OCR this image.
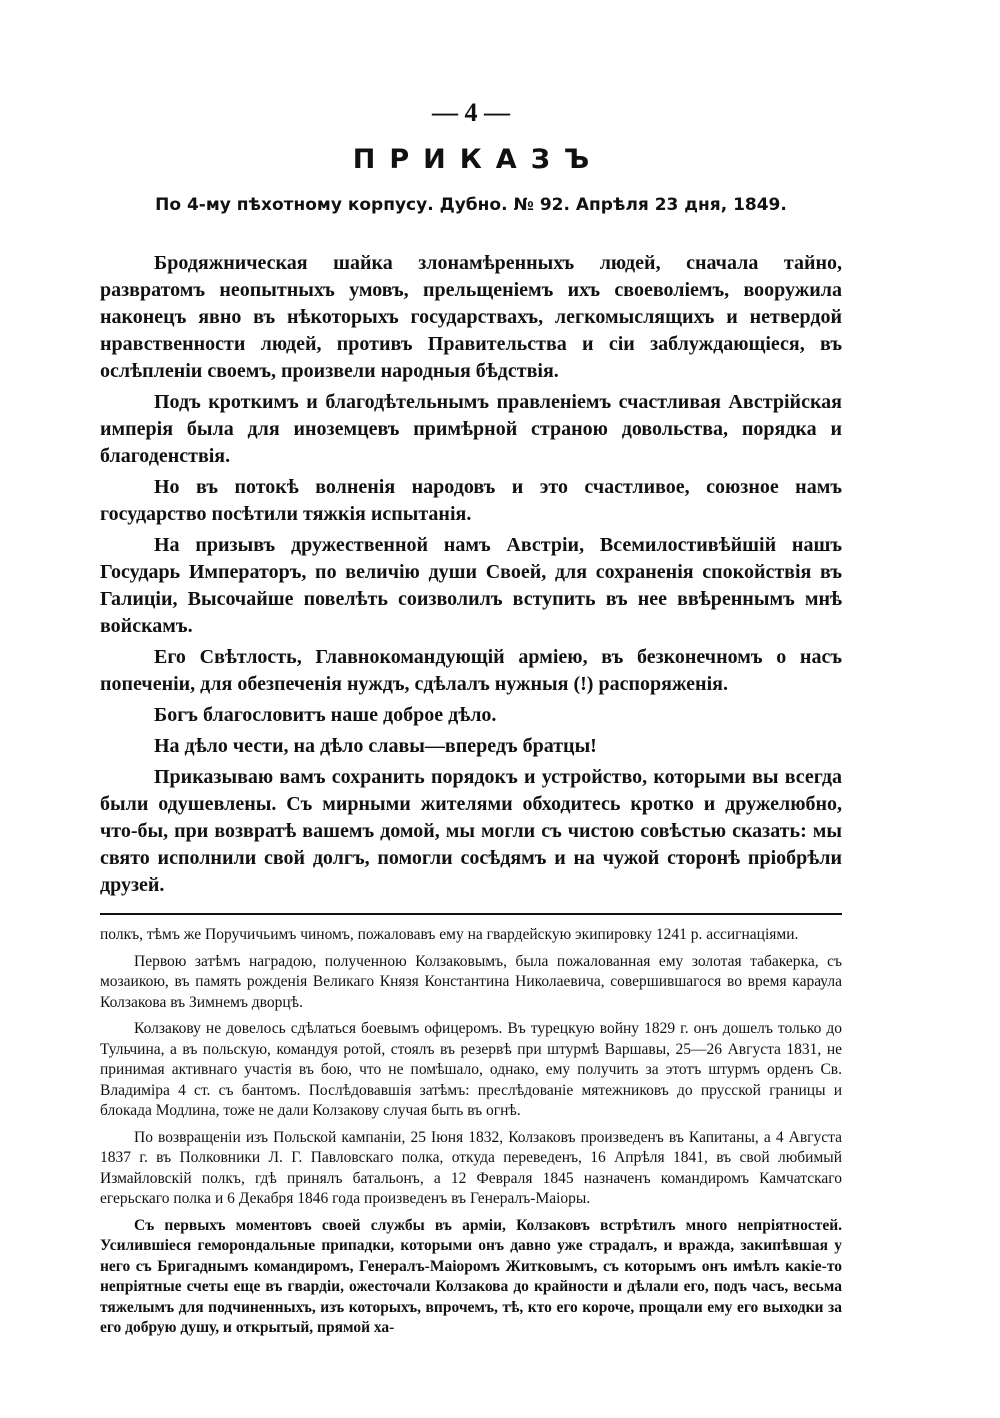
— 4 —
ПРИКАЗЪ
По 4-му пѣхотному корпусу. Дубно. № 92. Апрѣля 23 дня, 1849.

Бродяжническая шайка злонамѣренныхъ людей, сначала тайно, развратомъ неопытныхъ умовъ, прельщеніемъ ихъ своеволіемъ, вооружила наконецъ явно въ нѣкоторыхъ государствахъ, легкомыслящихъ и нетвердой нравственности людей, противъ Правительства и сіи заблуждающіеся, въ ослѣпленіи своемъ, произвели народныя бѣдствія.

Подъ кроткимъ и благодѣтельнымъ правленіемъ счастливая Австрійская имперія была для иноземцевъ примѣрной страною довольства, порядка и благоденствія.

Но въ потокѣ волненія народовъ и это счастливое, союзное намъ государство посѣтили тяжкія испытанія.

На призывъ дружественной намъ Австріи, Всемилостивѣйшій нашъ Государь Императоръ, по величію души Своей, для сохраненія спокойствія въ Галиціи, Высочайше повелѣть соизволилъ вступить въ нее ввѣреннымъ мнѣ войскамъ.

Его Свѣтлость, Главнокомандующій арміею, въ безконечномъ о насъ попеченіи, для обезпеченія нуждъ, сдѣлалъ нужныя (!) распоряженія.

Богъ благословитъ наше доброе дѣло.

На дѣло чести, на дѣло славы—впередъ братцы!

Приказываю вамъ сохранить порядокъ и устройство, которыми вы всегда были одушевлены. Съ мирными жителями обходитесь кротко и дружелюбно, что-бы, при возвратѣ вашемъ домой, мы могли съ чистою совѣстью сказать: мы свято исполнили свой долгъ, помогли сосѣдямъ и на чужой сторонѣ пріобрѣли друзей.

полкъ, тѣмъ же Поручичьимъ чиномъ, пожаловавъ ему на гвардейскую экипировку 1241 р. ассигнаціями.

Первою затѣмъ наградою, полученною Колзаковымъ, была пожалованная ему золотая табакерка, съ мозаикою, въ память рожденія Великаго Князя Константина Николаевича, совершившагося во время караула Колзакова въ Зимнемъ дворцѣ.

Колзакову не довелось сдѣлаться боевымъ офицеромъ. Въ турецкую войну 1829 г. онъ дошелъ только до Тульчина, а въ польскую, командуя ротой, стоялъ въ резервѣ при штурмѣ Варшавы, 25—26 Августа 1831, не принимая активнаго участія въ бою, что не помѣшало, однако, ему получить за этотъ штурмъ орденъ Св. Владиміра 4 ст. съ бантомъ. Послѣдовавшія затѣмъ: преслѣдованіе мятежниковъ до прусской границы и блокада Модлина, тоже не дали Колзакову случая быть въ огнѣ.

По возвращеніи изъ Польской кампаніи, 25 Іюня 1832, Колзаковъ произведенъ въ Капитаны, а 4 Августа 1837 г. въ Полковники Л. Г. Павловскаго полка, откуда переведенъ, 16 Апрѣля 1841, въ свой любимый Измайловскій полкъ, гдѣ принялъ батальонъ, а 12 Февраля 1845 назначенъ командиромъ Камчатскаго егерьскаго полка и 6 Декабря 1846 года произведенъ въ Генералъ-Маіоры.

Съ первыхъ моментовъ своей службы въ арміи, Колзаковъ встрѣтилъ много непріятностей. Усилившіеся геморондальные припадки, которыми онъ давно уже страдалъ, и вражда, закипѣвшая у него съ Бригаднымъ командиромъ, Генералъ-Маіоромъ Житковымъ, съ которымъ онъ имѣлъ какіе-то непріятные счеты еще въ гвардіи, ожесточали Колзакова до крайности и дѣлали его, подъ часъ, весьма тяжелымъ для подчиненныхъ, изъ которыхъ, впрочемъ, тѣ, кто его короче, прощали ему его выходки за его добрую душу, и открытый, прямой ха-
